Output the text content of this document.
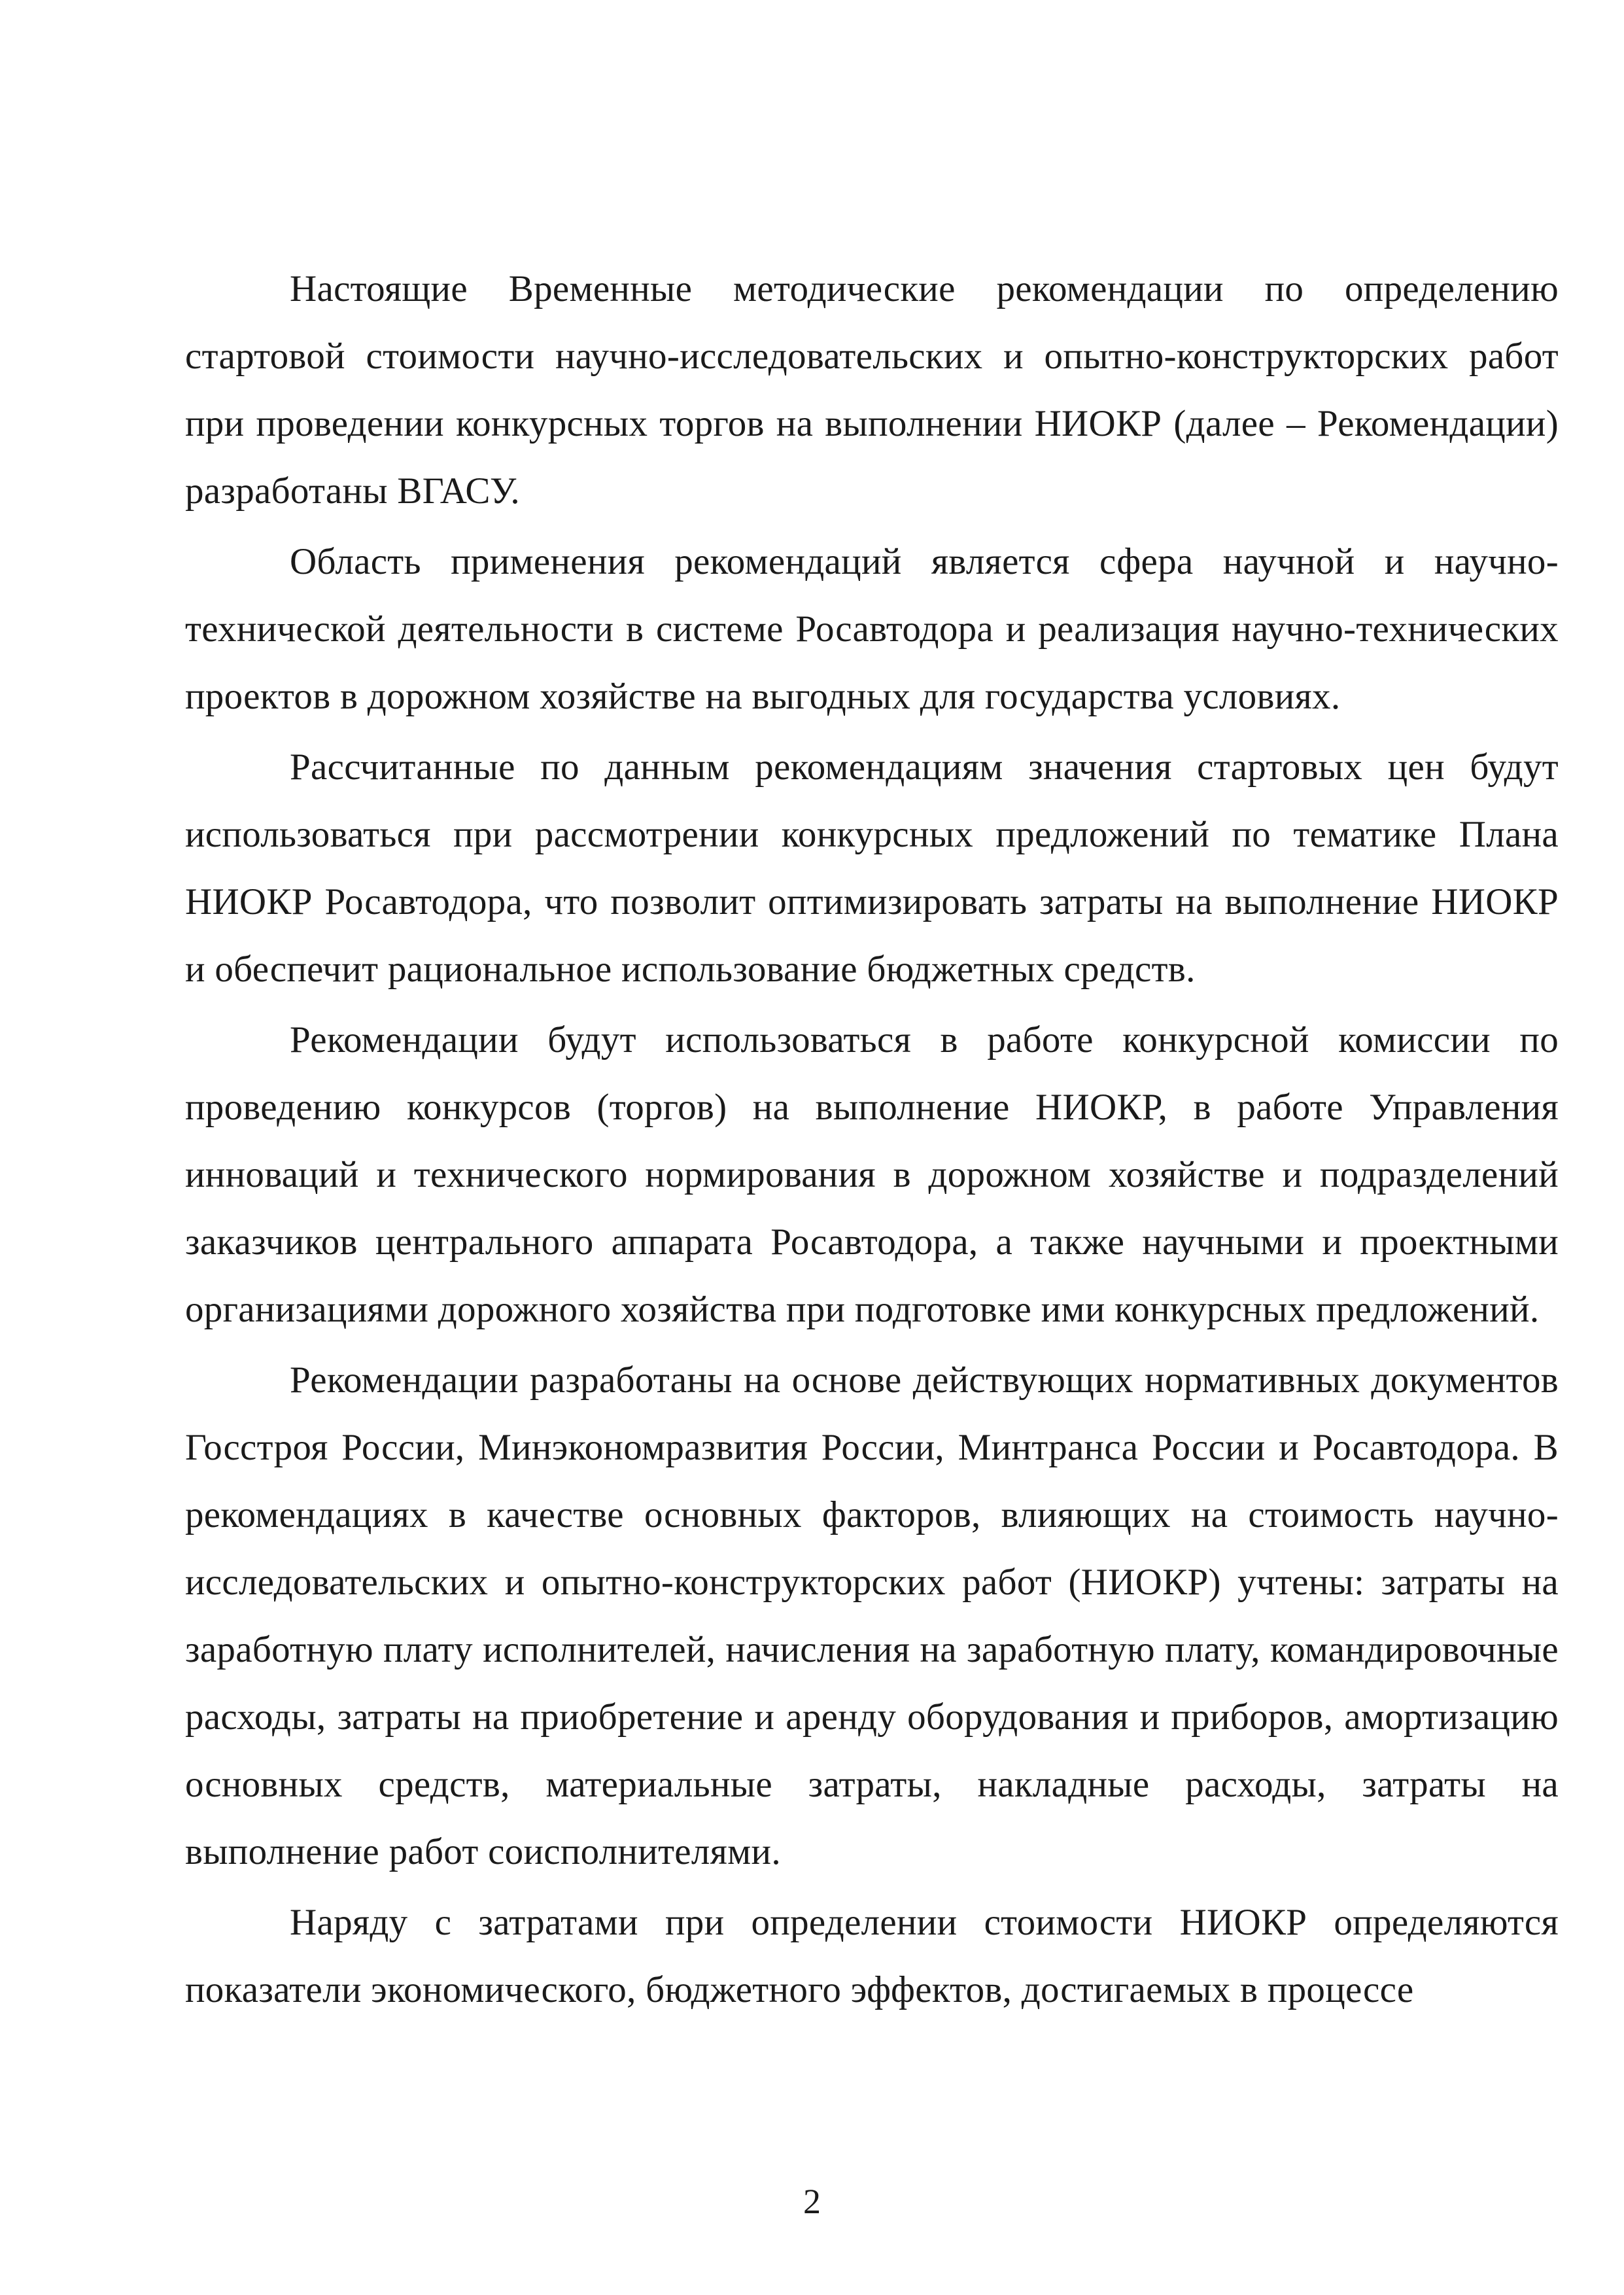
Настоящие Временные методические рекомендации по определению стартовой стоимости научно-исследовательских и опытно-конструкторских работ при проведении конкурсных торгов на выполнении НИОКР (далее – Рекомендации) разработаны ВГАСУ.

Область применения рекомендаций является сфера научной и научно-технической деятельности в системе Росавтодора и реализация научно-технических проектов в дорожном хозяйстве на выгодных для государства условиях.

Рассчитанные по данным рекомендациям значения стартовых цен будут использоваться при рассмотрении конкурсных предложений по тематике Плана НИОКР Росавтодора, что позволит оптимизировать затраты на выполнение НИОКР и обеспечит рациональное использование бюджетных средств.

Рекомендации будут использоваться в работе конкурсной комиссии по проведению конкурсов (торгов) на выполнение НИОКР, в работе Управления инноваций и технического нормирования в дорожном хозяйстве и подразделений заказчиков центрального аппарата Росавтодора, а также научными и проектными организациями дорожного хозяйства при подготовке ими конкурсных предложений.

Рекомендации разработаны на основе действующих нормативных документов Госстроя России, Минэкономразвития России, Минтранса России и Росавтодора. В рекомендациях в качестве основных факторов, влияющих на стоимость научно-исследовательских и опытно-конструкторских работ (НИОКР) учтены: затраты на заработную плату исполнителей, начисления на заработную плату, командировочные расходы, затраты на приобретение и аренду оборудования и приборов, амортизацию основных средств, материальные затраты, накладные расходы, затраты на выполнение работ соисполнителями.

Наряду с затратами при определении стоимости НИОКР определяются показатели экономического, бюджетного эффектов, достигаемых в процессе

2
